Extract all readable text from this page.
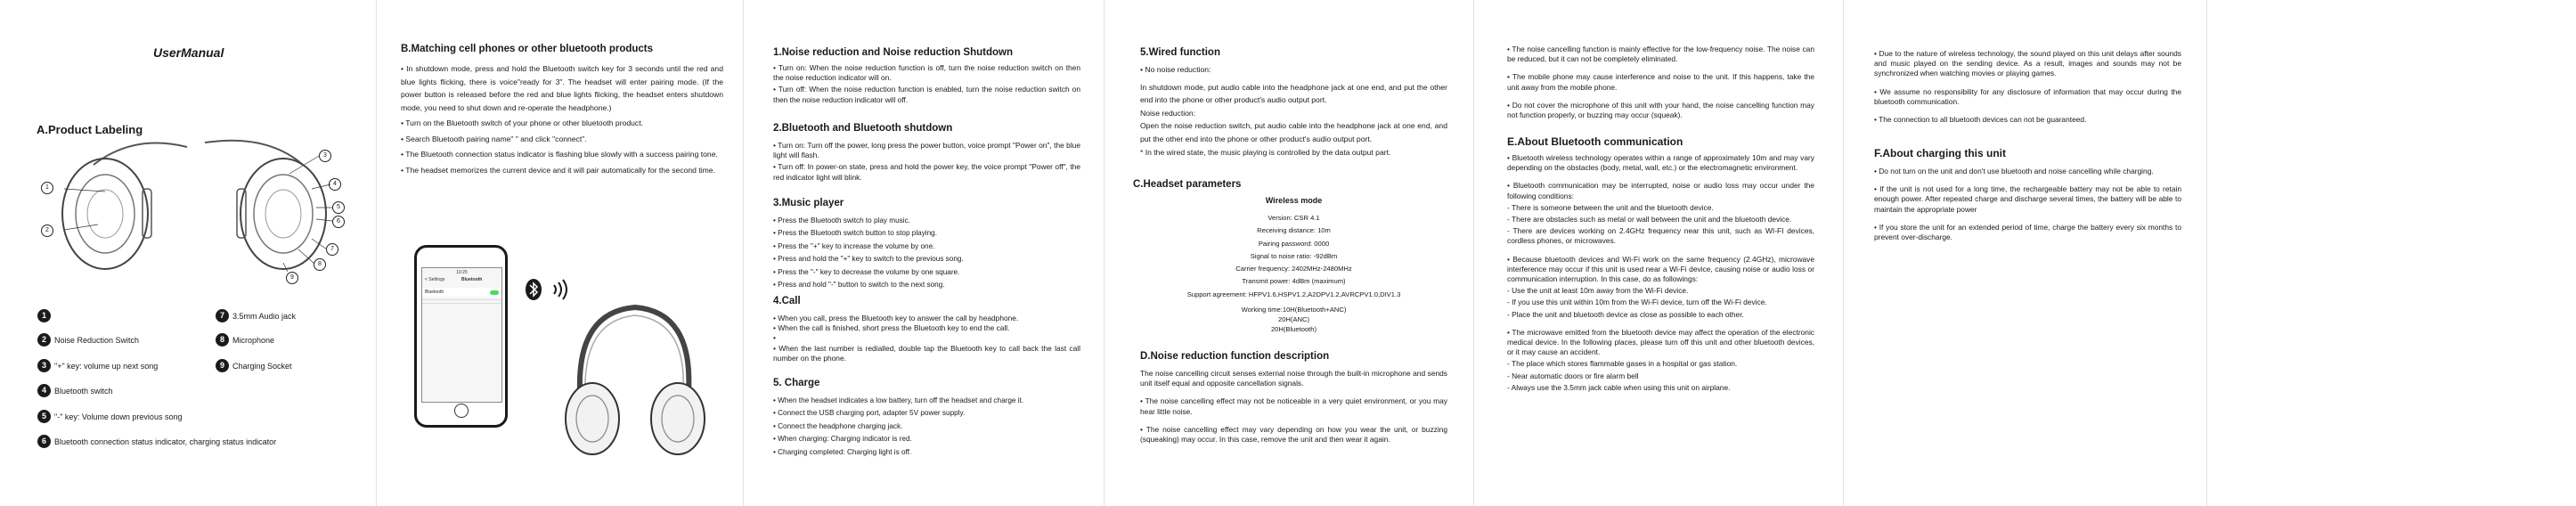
UserManual
A.Product Labeling
1
2
3
4
5
6
7
8
9
1
2	Noise Reduction Switch
3	"+" key: volume up next song
4	Bluetooth switch
5	"-" key: Volume down previous song
6	Bluetooth connection status indicator, charging status indicator
7	3.5mm Audio jack
8	Microphone
9	Charging Socket
B.Matching cell phones or other bluetooth products

• In shutdown mode, press and hold the Bluetooth switch key for 3 seconds until the red and blue lights flicking, there is voice"ready for 3". The headset will enter pairing mode. (If the power button is released before the red and blue lights flicking, the headset enters shutdown mode, you need to shut down and re-operate the headphone.)

• Turn on the Bluetooth switch of your phone or other bluetooth product.

• Search Bluetooth pairing name" " and click "connect".

• The Bluetooth connection status indicator is flashing blue slowly with a success pairing tone.

• The headset memorizes the current device and it will pair automatically for the second time.

10:25
< Settings	Bluetooth
Bluetooth
1.Noise reduction and Noise reduction Shutdown

• Turn on: When the noise reduction function is off, turn the noise reduction switch on then the noise reduction indicator will on.

• Turn off: When the noise reduction function is enabled, turn the noise reduction switch on then the noise reduction indicator will off.

2.Bluetooth and Bluetooth shutdown

• Turn on: Turn off the power, long press the power button, voice prompt "Power on", the blue light will flash.

• Turn off: In power-on state, press and hold the power key, the voice prompt "Power off", the red indicator light will blink.

3.Music player
• Press the Bluetooth switch to play music.
• Press the Bluetooth switch button to stop playing.
• Press the "+" key to increase the volume by one.
• Press and hold the "+" key to switch to the previous song.
• Press the "-" key to decrease the volume by one square.
• Press and hold "-" button to switch to the next song.
4.Call

• When you call, press the Bluetooth key to answer the call by headphone.

• When the call is finished, short press the Bluetooth key to end the call.

•

• When the last number is redialled, double tap the Bluetooth key to call back the last call number on the phone.

5. Charge
• When the headset indicates a low battery, turn off the headset and charge it.
• Connect the USB charging port, adapter 5V power supply.
• Connect the headphone charging jack.
• When charging: Charging indicator is red.
• Charging completed: Charging light is off.
5.Wired function

• No noise reduction:

In shutdown mode, put audio cable into the headphone jack at one end, and put the other end into the phone or other product's audio output port.

Noise reduction:

Open the noise reduction switch, put audio cable into the headphone jack at one end, and put the other end into the phone or other product's audio output port.

* In the wired state, the music playing is controlled by the data output part.

C.Headset parameters
Wireless mode
Version: CSR 4.1
Receiving distance: 10m
Pairing password: 0000
Signal to noise ratio: -92dBm
Carrier frequency: 2402MHz-2480MHz
Transmit power: 4dBm (maximum)
Support agreement: HFPV1.6,HSPV1.2,A2DPV1.2,AVRCPV1.0,DIV1.3
Working time:10H(Bluetooth+ANC)
20H(ANC)
20H(Bluetooth)
D.Noise reduction function description

The noise cancelling circuit senses external noise through the built-in microphone and sends unit itself equal and opposite cancellation signals.

• The noise cancelling effect may not be noticeable in a very quiet environment, or you may hear little noise.

• The noise cancelling effect may vary depending on how you wear the unit, or buzzing (squeaking) may occur. In this case, remove the unit and then wear it again.

• The noise cancelling function is mainly effective for the low-frequency noise. The noise can be reduced, but it can not be completely eliminated.

• The mobile phone may cause interference and noise to the unit. If this happens, take the unit away from the mobile phone.

• Do not cover the microphone of this unit with your hand, the noise cancelling function may not function properly, or buzzing may occur (squeak).

E.About Bluetooth communication

• Bluetooth wireless technology operates within a range of approximately 10m and may vary depending on the obstacles (body, metal, wall, etc.) or the electromagnetic environment.

• Bluetooth communication may be interrupted, noise or audio loss may occur under the following conditions:

- There is someone between the unit and the bluetooth device.

- There are obstacles such as metal or wall between the unit and the bluetooth device.

- There are devices working on 2.4GHz frequency near this unit, such as WI-FI devices, cordless phones, or microwaves.

• Because bluetooth devices and Wi-Fi work on the same frequency (2.4GHz), microwave interference may occur if this unit is used near a Wi-Fi device, causing noise or audio loss or communication interruption. In this case, do as followings:

- Use the unit at least 10m away from the Wi-Fi device.

- If you use this unit within 10m from the Wi-Fi device, turn off the Wi-Fi device.

- Place the unit and bluetooth device as close as possible to each other.

• The microwave emitted from the bluetooth device may affect the operation of the electronic medical device. In the following places, please turn off this unit and other bluetooth devices, or it may cause an accident.

- The place which stores flammable gases in a hospital or gas station.

- Near automatic doors or fire alarm bell

- Always use the 3.5mm jack cable when using this unit on airplane.

• Due to the nature of wireless technology, the sound played on this unit delays after sounds and music played on the sending device. As a result, images and sounds may not be synchronized when watching movies or playing games.

• We assume no responsibility for any disclosure of information that may occur during the bluetooth communication.

• The connection to all bluetooth devices can not be guaranteed.

F.About charging this unit

• Do not turn on the unit and don't use bluetooth and noise cancelling while charging.

• If the unit is not used for a long time, the rechargeable battery may not be able to retain enough power. After repeated charge and discharge several times, the battery will be able to maintain the appropriate power

• If you store the unit for an extended period of time, charge the battery every six months to prevent over-discharge.
